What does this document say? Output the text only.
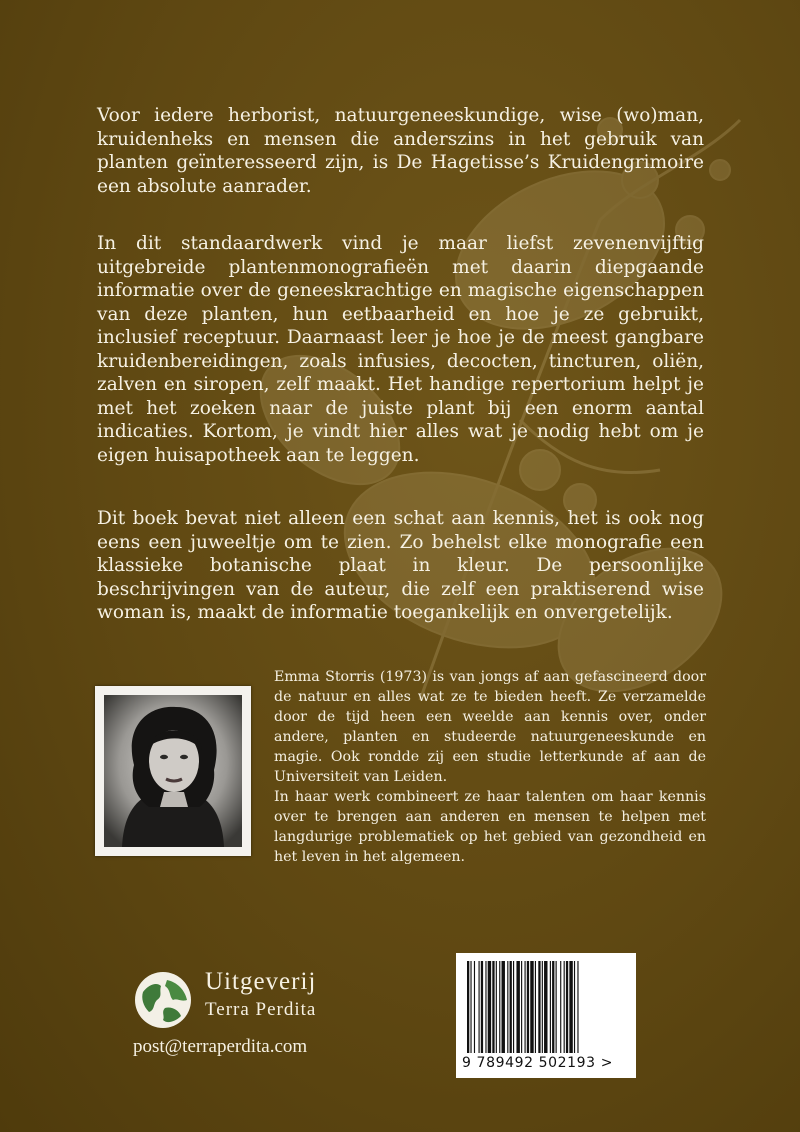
Voor iedere herborist, natuurgeneeskundige, wise (wo)man, kruidenheks en mensen die anderszins in het gebruik van planten geïnteresseerd zijn, is De Hagetisse’s Kruidengrimoire een absolute aanrader.
In dit standaardwerk vind je maar liefst zevenenvijftig uitgebreide plantenmonografieën met daarin diepgaande informatie over de geneeskrachtige en magische eigenschappen van deze planten, hun eetbaarheid en hoe je ze gebruikt, inclusief receptuur. Daarnaast leer je hoe je de meest gangbare kruidenbereidingen, zoals infusies, decocten, tincturen, oliën, zalven en siropen, zelf maakt. Het handige repertorium helpt je met het zoeken naar de juiste plant bij een enorm aantal indicaties. Kortom, je vindt hier alles wat je nodig hebt om je eigen huisapotheek aan te leggen.
Dit boek bevat niet alleen een schat aan kennis, het is ook nog eens een juweeltje om te zien. Zo behelst elke monografie een klassieke botanische plaat in kleur. De persoonlijke beschrijvingen van de auteur, die zelf een praktiserend wise woman is, maakt de informatie toegankelijk en onvergetelijk.

Emma Storris (1973) is van jongs af aan gefascineerd door de natuur en alles wat ze te bieden heeft. Ze verzamelde door de tijd heen een weelde aan kennis over, onder andere, planten en studeerde natuurgeneeskunde en magie. Ook rondde zij een studie letterkunde af aan de Universiteit van Leiden.

In haar werk combineert ze haar talenten om haar kennis over te brengen aan anderen en mensen te helpen met langdurige problematiek op het gebied van gezondheid en het leven in het algemeen.

Uitgeverij
Terra Perdita
post@terraperdita.com
9 789492 502193 >
